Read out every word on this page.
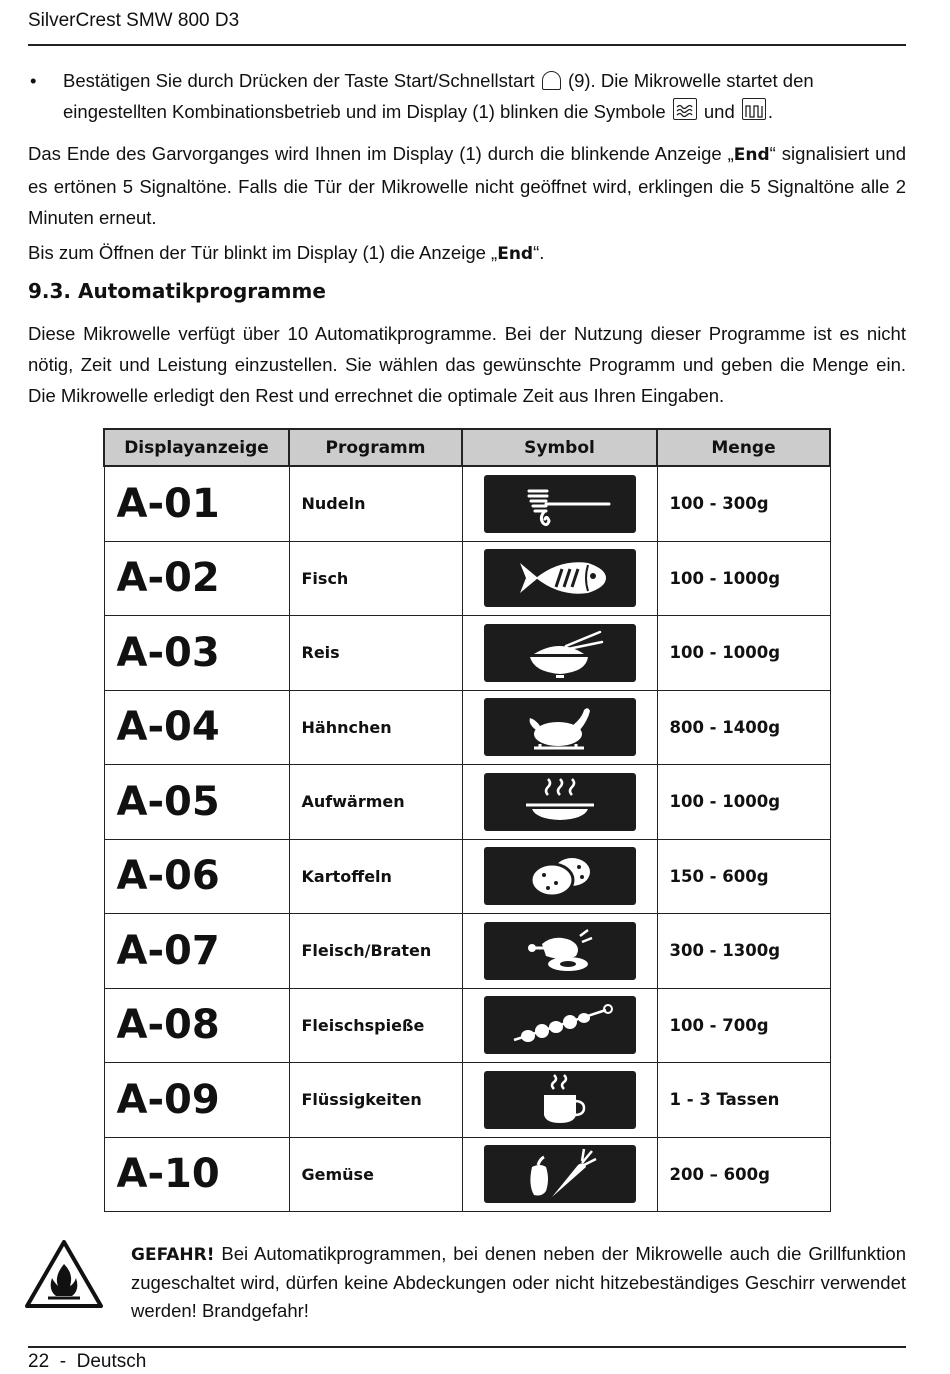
SilverCrest SMW 800 D3
• Bestätigen Sie durch Drücken der Taste Start/Schnellstart (9). Die Mikrowelle startet den
eingestellten Kombinationsbetrieb und im Display (1) blinken die Symbole und .
Das Ende des Garvorganges wird Ihnen im Display (1) durch die blinkende Anzeige „End“ signalisiert und es ertönen 5 Signaltöne. Falls die Tür der Mikrowelle nicht geöffnet wird, erklingen die 5 Signaltöne alle 2 Minuten erneut.
Bis zum Öffnen der Tür blinkt im Display (1) die Anzeige „End“.
9.3. Automatikprogramme
Diese Mikrowelle verfügt über 10 Automatikprogramme. Bei der Nutzung dieser Programme ist es nicht nötig, Zeit und Leistung einzustellen. Sie wählen das gewünschte Programm und geben die Menge ein. Die Mikrowelle erledigt den Rest und errechnet die optimale Zeit aus Ihren Eingaben.
Displayanzeige	Programm	Symbol	Menge
A-01	Nudeln		100 - 300g
A-02	Fisch		100 - 1000g
A-03	Reis		100 - 1000g
A-04	Hähnchen		800 - 1400g
A-05	Aufwärmen		100 - 1000g
A-06	Kartoffeln		150 - 600g
A-07	Fleisch/Braten		300 - 1300g
A-08	Fleischspieße		100 - 700g
A-09	Flüssigkeiten		1 - 3 Tassen
A-10	Gemüse		200 – 600g
GEFAHR! Bei Automatikprogrammen, bei denen neben der Mikrowelle auch die Grillfunktion zugeschaltet wird, dürfen keine Abdeckungen oder nicht hitzebeständiges Geschirr verwendet werden! Brandgefahr!
22 - Deutsch
